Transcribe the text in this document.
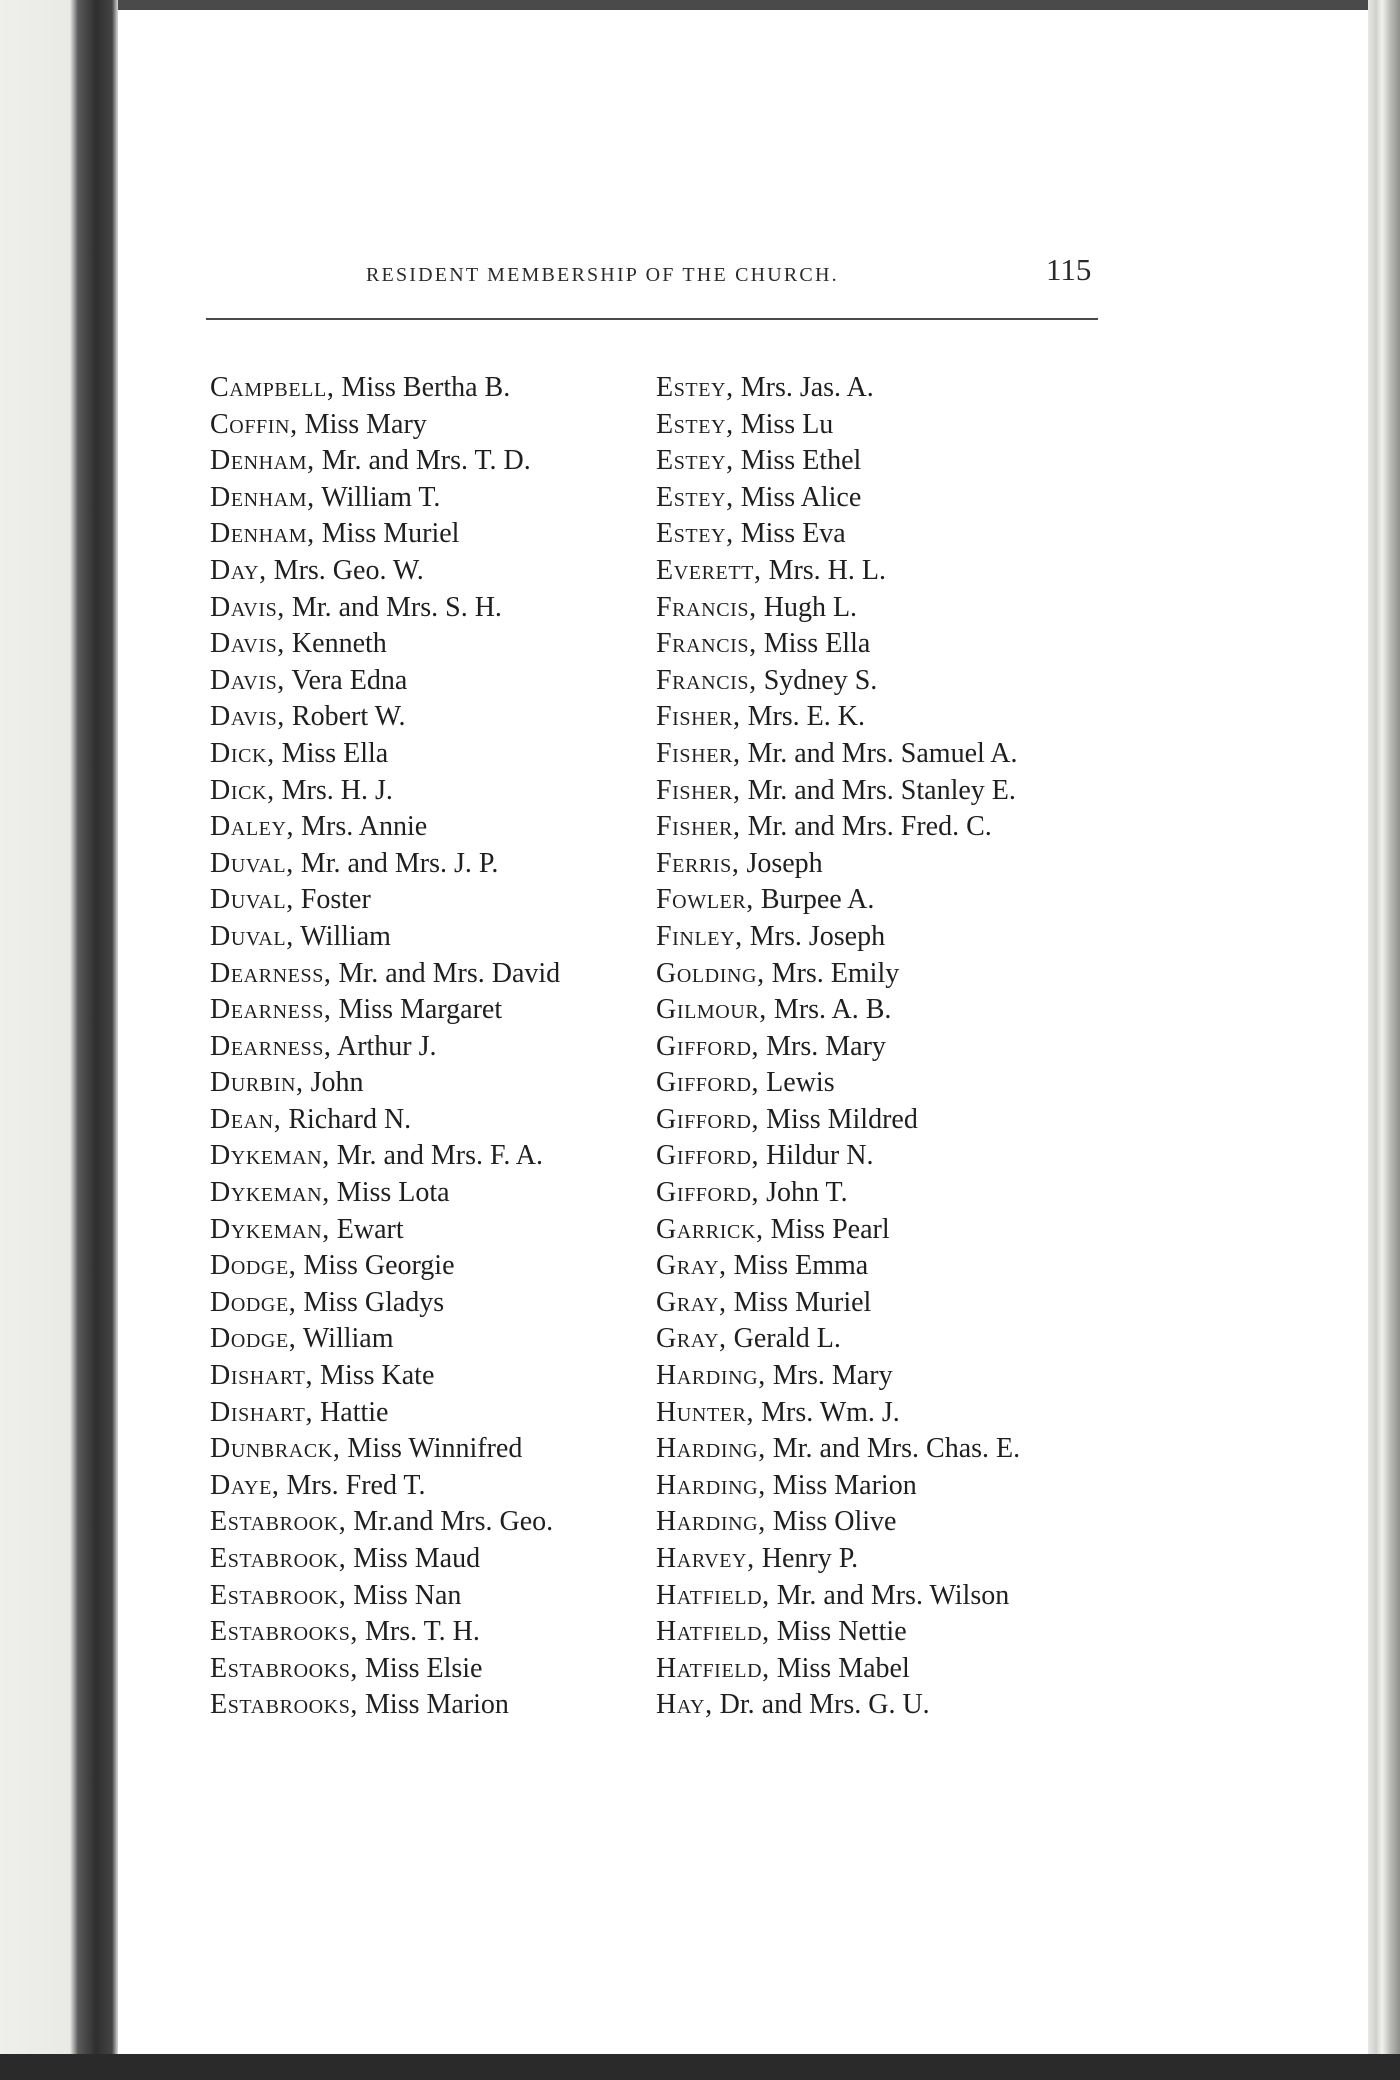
RESIDENT MEMBERSHIP OF THE CHURCH.	115
Campbell, Miss Bertha B.
Coffin, Miss Mary
Denham, Mr. and Mrs. T. D.
Denham, William T.
Denham, Miss Muriel
Day, Mrs. Geo. W.
Davis, Mr. and Mrs. S. H.
Davis, Kenneth
Davis, Vera Edna
Davis, Robert W.
Dick, Miss Ella
Dick, Mrs. H. J.
Daley, Mrs. Annie
Duval, Mr. and Mrs. J. P.
Duval, Foster
Duval, William
Dearness, Mr. and Mrs. David
Dearness, Miss Margaret
Dearness, Arthur J.
Durbin, John
Dean, Richard N.
Dykeman, Mr. and Mrs. F. A.
Dykeman, Miss Lota
Dykeman, Ewart
Dodge, Miss Georgie
Dodge, Miss Gladys
Dodge, William
Dishart, Miss Kate
Dishart, Hattie
Dunbrack, Miss Winnifred
Daye, Mrs. Fred T.
Estabrook, Mr.and Mrs. Geo.
Estabrook, Miss Maud
Estabrook, Miss Nan
Estabrooks, Mrs. T. H.
Estabrooks, Miss Elsie
Estabrooks, Miss Marion
Estey, Mrs. Jas. A.
Estey, Miss Lu
Estey, Miss Ethel
Estey, Miss Alice
Estey, Miss Eva
Everett, Mrs. H. L.
Francis, Hugh L.
Francis, Miss Ella
Francis, Sydney S.
Fisher, Mrs. E. K.
Fisher, Mr. and Mrs. Samuel A.
Fisher, Mr. and Mrs. Stanley E.
Fisher, Mr. and Mrs. Fred. C.
Ferris, Joseph
Fowler, Burpee A.
Finley, Mrs. Joseph
Golding, Mrs. Emily
Gilmour, Mrs. A. B.
Gifford, Mrs. Mary
Gifford, Lewis
Gifford, Miss Mildred
Gifford, Hildur N.
Gifford, John T.
Garrick, Miss Pearl
Gray, Miss Emma
Gray, Miss Muriel
Gray, Gerald L.
Harding, Mrs. Mary
Hunter, Mrs. Wm. J.
Harding, Mr. and Mrs. Chas. E.
Harding, Miss Marion
Harding, Miss Olive
Harvey, Henry P.
Hatfield, Mr. and Mrs. Wilson
Hatfield, Miss Nettie
Hatfield, Miss Mabel
Hay, Dr. and Mrs. G. U.
